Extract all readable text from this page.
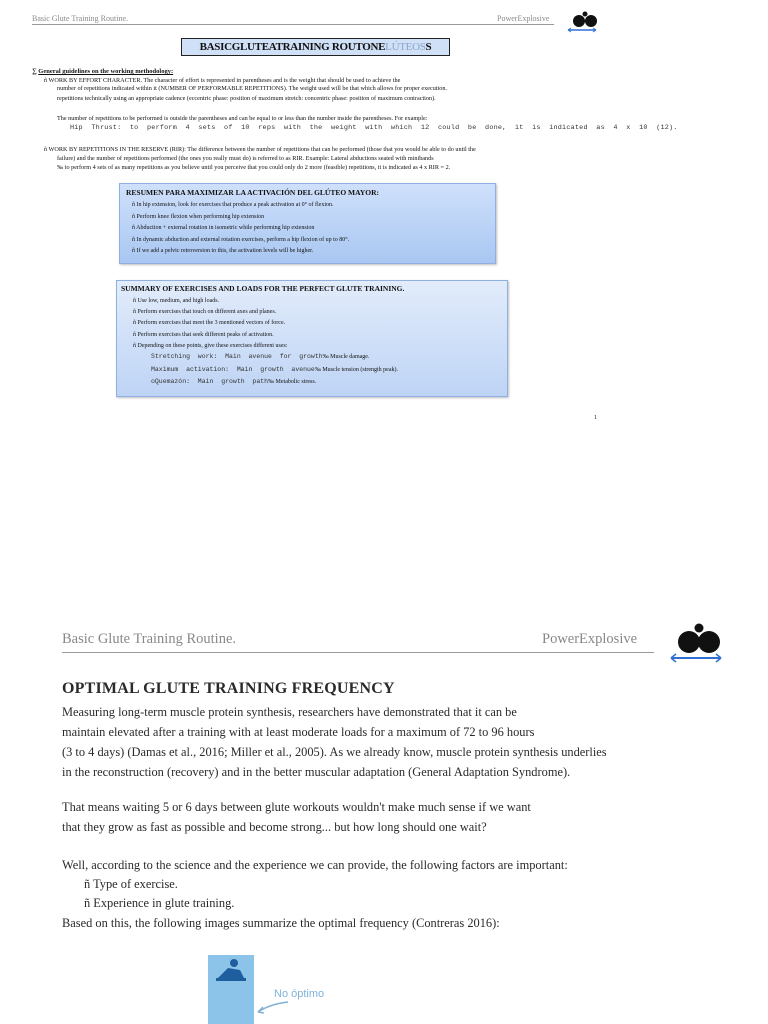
Basic Glute Training Routine.	PowerExplosive
BASICGLUTEATRAINING ROUTONELÚTEOSS
∑ General guidelines on the working methodology:
ñ WORK BY EFFORT CHARACTER. The character of effort is represented in parentheses and is the weight that should be used to achieve the
number of repetitions indicated within it (NUMBER OF PERFORMABLE REPETITIONS). The weight used will be that which allows for proper execution.
repetitions technically using an appropriate cadence (eccentric phase: position of maximum stretch: concentric phase: position of maximum contraction).
The number of repetitions to be performed is outside the parentheses and can be equal to or less than the number inside the parentheses. For example:
Hip  Thrust:  to  perform  4  sets  of  10  reps  with  the  weight  with  which  12  could  be  done,  it  is  indicated  as  4  x  10  (12).
ñ WORK BY REPETITIONS IN THE RESERVE (RIR): The difference between the number of repetitions that can be performed (those that you would be able to do until the
failure) and the number of repetitions performed (the ones you really must do) is referred to as RIR. Example: Lateral abductions seated with minibands
‰ to perform 4 sets of as many repetitions as you believe until you perceive that you could only do 2 more (feasible) repetitions, it is indicated as 4 x RIR = 2.
RESUMEN PARA MAXIMIZAR LA ACTIVACIÓN DEL GLÚTEO MAYOR:
ñ In hip extension, look for exercises that produce a peak activation at 0° of flexion.
ñ Perform knee flexion when performing hip extension
ñ Abduction + external rotation in isometric while performing hip extension
ñ In dynamic abduction and external rotation exercises, perform a hip flexion of up to 80°.
ñ If we add a pelvic retroversion to this, the activation levels will be higher.
SUMMARY OF EXERCISES AND LOADS FOR THE PERFECT GLUTE TRAINING.
ñ Use low, medium, and high loads.
ñ Perform exercises that touch on different axes and planes.
ñ Perform exercises that meet the 3 mentioned vectors of force.
ñ Perform exercises that seek different peaks of activation.
ñ Depending on these points, give these exercises different uses:
Stretching  work:  Main  avenue  for  growth‰ Muscle damage.
Maximum  activation:  Main  growth  avenue‰ Muscle tension (strength peak).
oQuemazón:  Main  growth  path‰ Metabolic stress.
1
Basic Glute Training Routine.	PowerExplosive
OPTIMAL GLUTE TRAINING FREQUENCY
Measuring long-term muscle protein synthesis, researchers have demonstrated that it can be
maintain elevated after a training with at least moderate loads for a maximum of 72 to 96 hours
(3 to 4 days) (Damas et al., 2016; Miller et al., 2005). As we already know, muscle protein synthesis underlies
in the reconstruction (recovery) and in the better muscular adaptation (General Adaptation Syndrome).
That means waiting 5 or 6 days between glute workouts wouldn't make much sense if we want
that they grow as fast as possible and become strong... but how long should one wait?
Well, according to the science and the experience we can provide, the following factors are important:
ñ Type of exercise.
ñ Experience in glute training.
Based on this, the following images summarize the optimal frequency (Contreras 2016):
No óptimo
